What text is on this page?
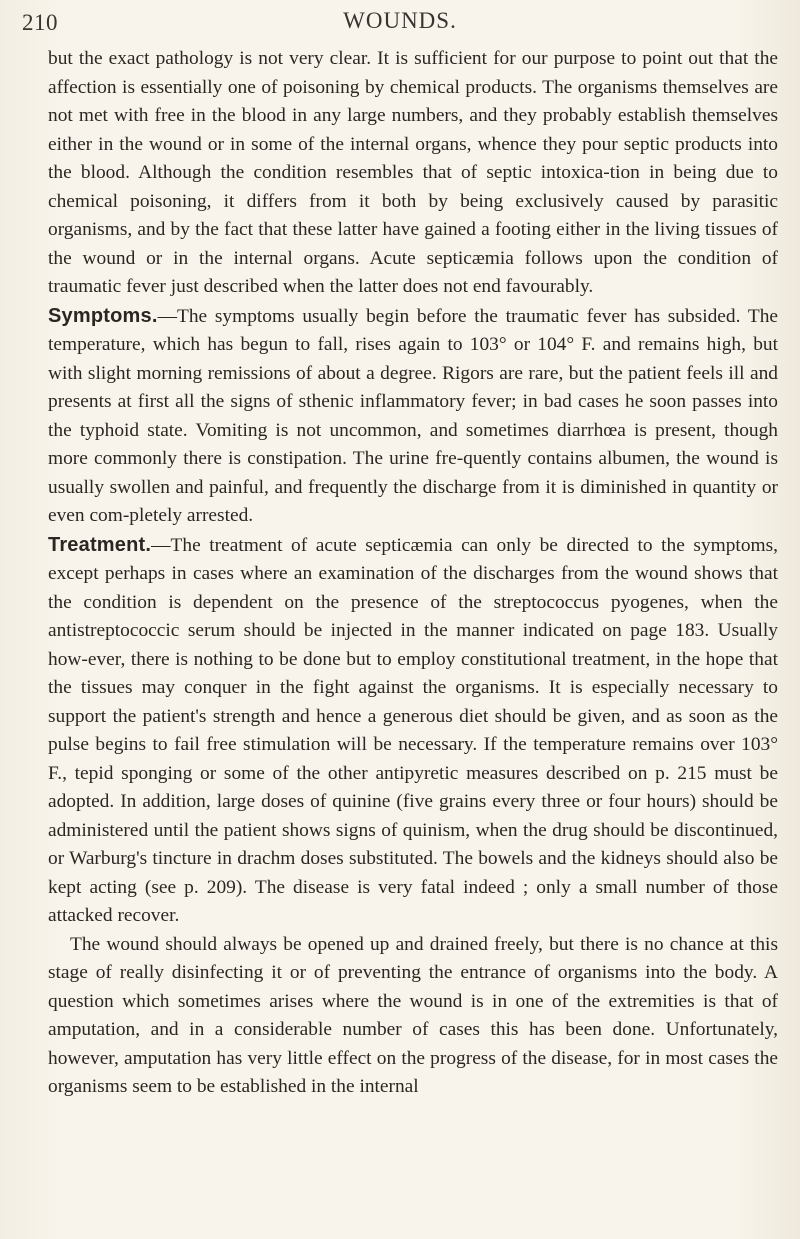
210	WOUNDS.

but the exact pathology is not very clear. It is sufficient for our purpose to point out that the affection is essentially one of poisoning by chemical products. The organisms themselves are not met with free in the blood in any large numbers, and they probably establish themselves either in the wound or in some of the internal organs, whence they pour septic products into the blood. Although the condition resembles that of septic intoxica-tion in being due to chemical poisoning, it differs from it both by being exclusively caused by parasitic organisms, and by the fact that these latter have gained a footing either in the living tissues of the wound or in the internal organs. Acute septicæmia follows upon the condition of traumatic fever just described when the latter does not end favourably.

Symptoms.—The symptoms usually begin before the traumatic fever has subsided. The temperature, which has begun to fall, rises again to 103° or 104° F. and remains high, but with slight morning remissions of about a degree. Rigors are rare, but the patient feels ill and presents at first all the signs of sthenic inflammatory fever; in bad cases he soon passes into the typhoid state. Vomiting is not uncommon, and sometimes diarrhœa is present, though more commonly there is constipation. The urine fre-quently contains albumen, the wound is usually swollen and painful, and frequently the discharge from it is diminished in quantity or even com-pletely arrested.

Treatment.—The treatment of acute septicæmia can only be directed to the symptoms, except perhaps in cases where an examination of the discharges from the wound shows that the condition is dependent on the presence of the streptococcus pyogenes, when the antistreptococcic serum should be injected in the manner indicated on page 183. Usually how-ever, there is nothing to be done but to employ constitutional treatment, in the hope that the tissues may conquer in the fight against the organisms. It is especially necessary to support the patient's strength and hence a generous diet should be given, and as soon as the pulse begins to fail free stimulation will be necessary. If the temperature remains over 103° F., tepid sponging or some of the other antipyretic measures described on p. 215 must be adopted. In addition, large doses of quinine (five grains every three or four hours) should be administered until the patient shows signs of quinism, when the drug should be discontinued, or Warburg's tincture in drachm doses substituted. The bowels and the kidneys should also be kept acting (see p. 209). The disease is very fatal indeed ; only a small number of those attacked recover.

The wound should always be opened up and drained freely, but there is no chance at this stage of really disinfecting it or of preventing the entrance of organisms into the body. A question which sometimes arises where the wound is in one of the extremities is that of amputation, and in a considerable number of cases this has been done. Unfortunately, however, amputation has very little effect on the progress of the disease, for in most cases the organisms seem to be established in the internal
